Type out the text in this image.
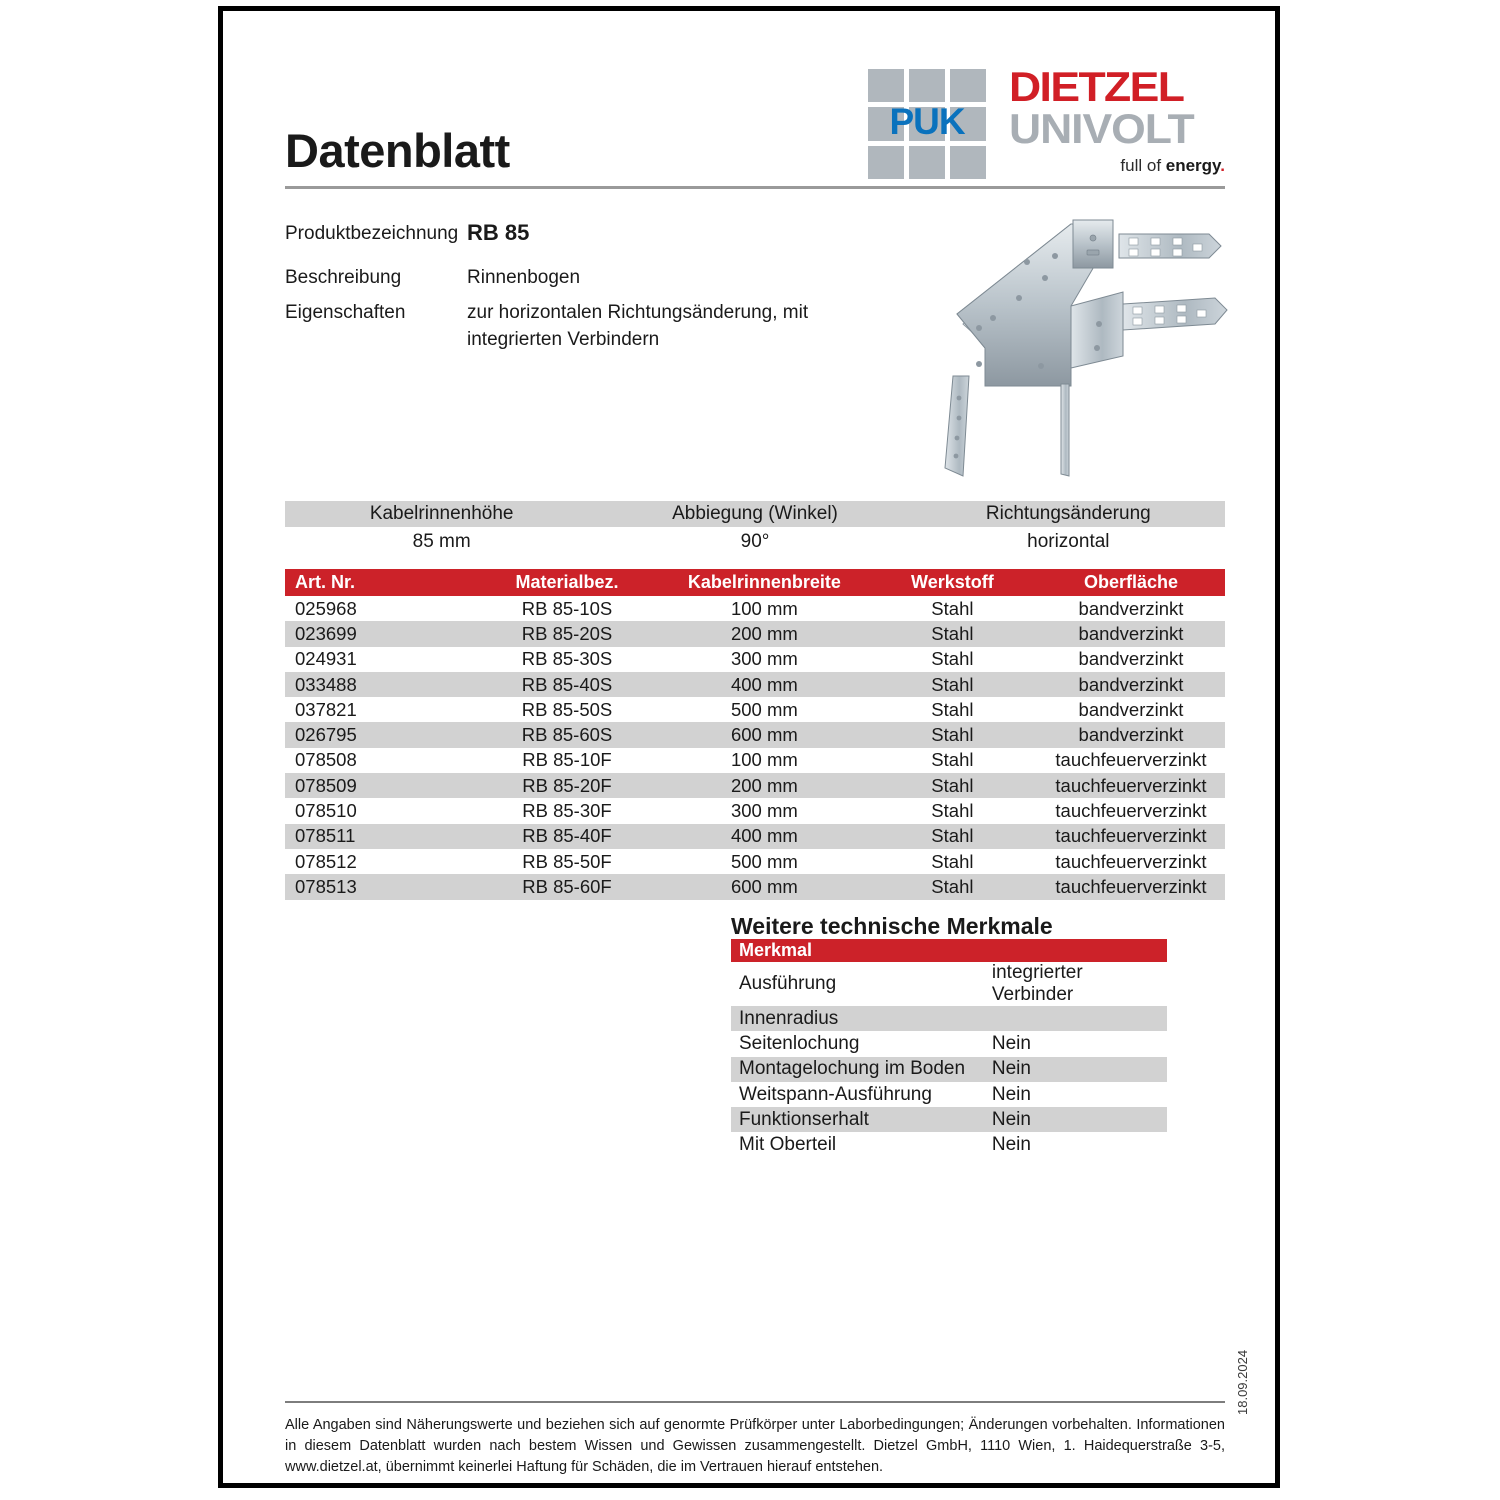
Datenblatt
PUK
DIETZEL
UNIVOLT
full of energy.
Produktbezeichnung RB 85
Beschreibung	Rinnenbogen
Eigenschaften	zur horizontalen Richtungsänderung, mit integrierten Verbindern
Kabelrinnenhöhe	Abbiegung (Winkel)	Richtungsänderung
85 mm	90°	horizontal
Art. Nr.	Materialbez.	Kabelrinnenbreite	Werkstoff	Oberfläche
025968	RB 85-10S	100 mm	Stahl	bandverzinkt
023699	RB 85-20S	200 mm	Stahl	bandverzinkt
024931	RB 85-30S	300 mm	Stahl	bandverzinkt
033488	RB 85-40S	400 mm	Stahl	bandverzinkt
037821	RB 85-50S	500 mm	Stahl	bandverzinkt
026795	RB 85-60S	600 mm	Stahl	bandverzinkt
078508	RB 85-10F	100 mm	Stahl	tauchfeuerverzinkt
078509	RB 85-20F	200 mm	Stahl	tauchfeuerverzinkt
078510	RB 85-30F	300 mm	Stahl	tauchfeuerverzinkt
078511	RB 85-40F	400 mm	Stahl	tauchfeuerverzinkt
078512	RB 85-50F	500 mm	Stahl	tauchfeuerverzinkt
078513	RB 85-60F	600 mm	Stahl	tauchfeuerverzinkt
Weitere technische Merkmale
Merkmal	
Ausführung	integrierter Verbinder
Innenradius	
Seitenlochung	Nein
Montagelochung im Boden	Nein
Weitspann-Ausführung	Nein
Funktionserhalt	Nein
Mit Oberteil	Nein
Alle Angaben sind Näherungswerte und beziehen sich auf genormte Prüfkörper unter Laborbedingungen; Änderungen vorbehalten. Informationen in diesem Datenblatt wurden nach bestem Wissen und Gewissen zusammengestellt. Dietzel GmbH, 1110 Wien, 1. Haidequerstraße 3-5, www.dietzel.at, übernimmt keinerlei Haftung für Schäden, die im Vertrauen hierauf entstehen.
18.09.2024
